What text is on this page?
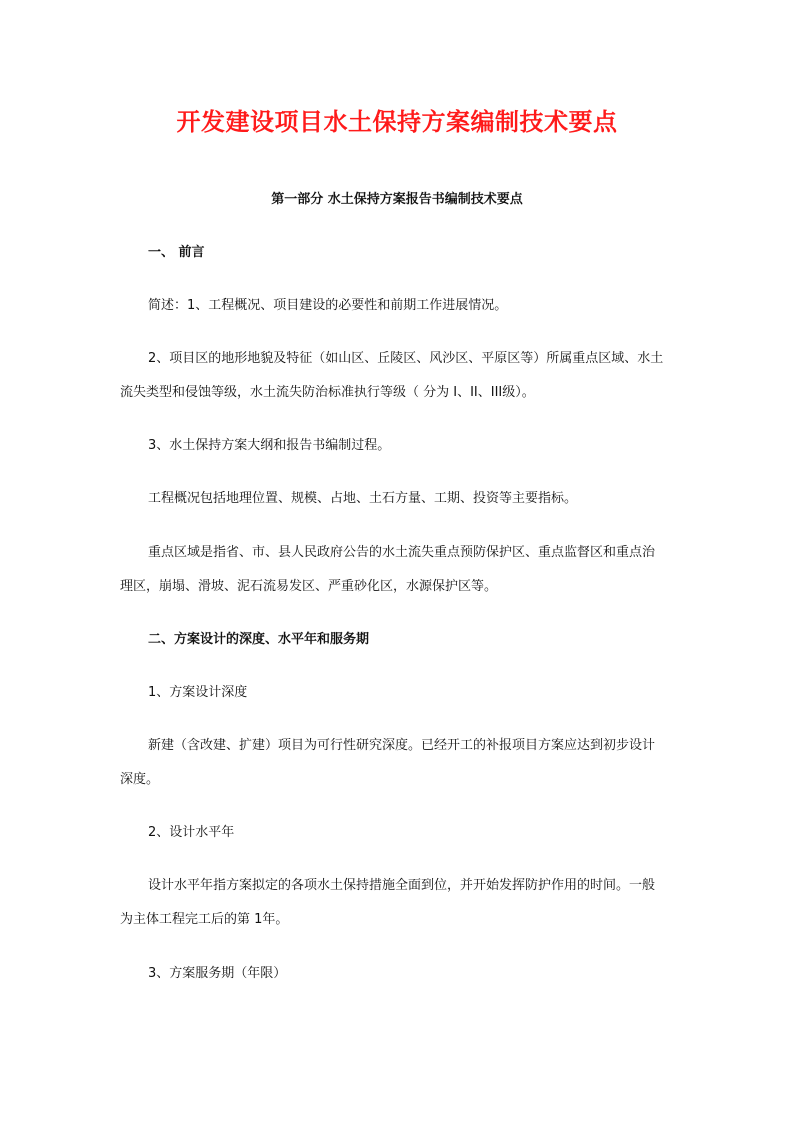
开发建设项目水土保持方案编制技术要点
第一部分 水土保持方案报告书编制技术要点
一、 前言
简述：1、工程概况、项目建设的必要性和前期工作进展情况。
2、项目区的地形地貌及特征（如山区、丘陵区、风沙区、平原区等）所属重点区域、水土
流失类型和侵蚀等级，水土流失防治标准执行等级（ 分为 I、II、III级）。
3、水土保持方案大纲和报告书编制过程。
工程概况包括地理位置、规模、占地、土石方量、工期、投资等主要指标。
重点区域是指省、市、县人民政府公告的水土流失重点预防保护区、重点监督区和重点治
理区，崩塌、滑坡、泥石流易发区、严重砂化区，水源保护区等。
二、方案设计的深度、水平年和服务期
1、方案设计深度
新建（含改建、扩建）项目为可行性研究深度。已经开工的补报项目方案应达到初步设计
深度。
2、设计水平年
设计水平年指方案拟定的各项水土保持措施全面到位，并开始发挥防护作用的时间。一般
为主体工程完工后的第 1年。
3、方案服务期（年限）
